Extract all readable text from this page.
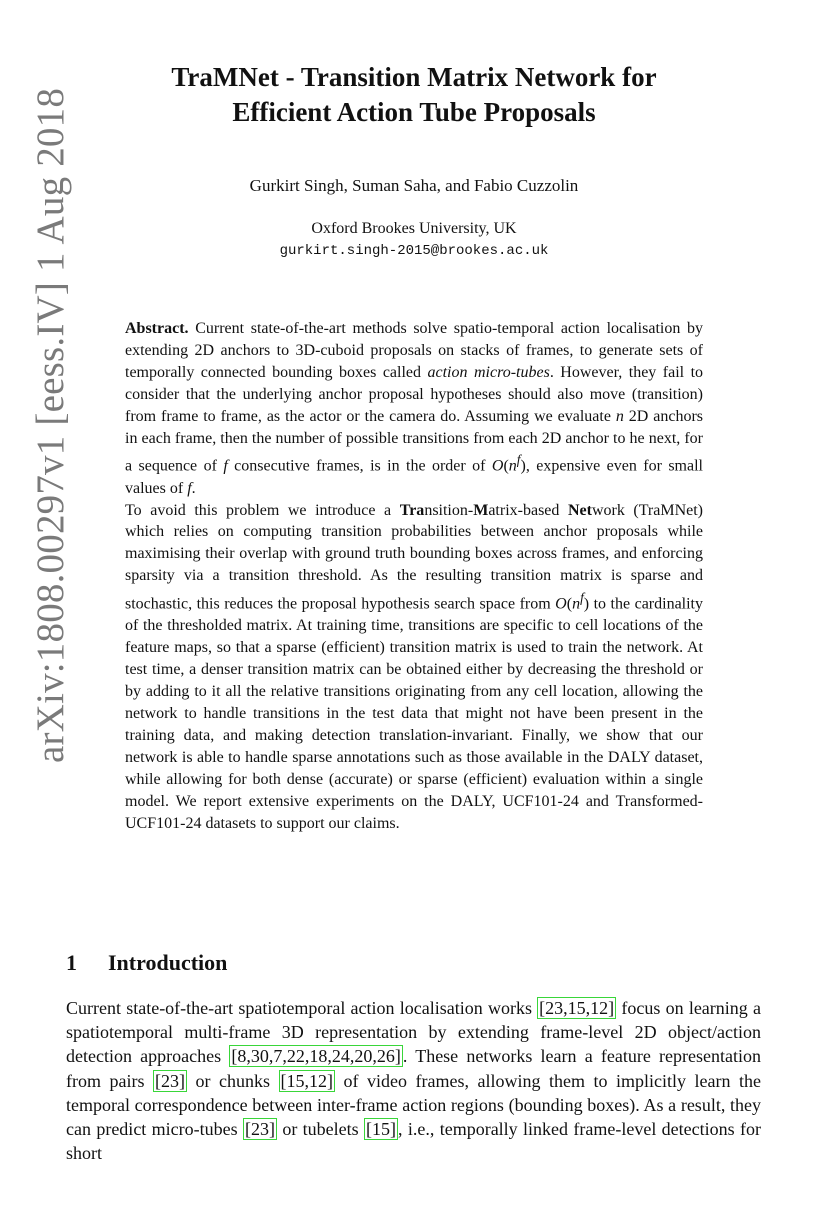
arXiv:1808.00297v1 [eess.IV] 1 Aug 2018
TraMNet - Transition Matrix Network for
Efficient Action Tube Proposals
Gurkirt Singh, Suman Saha, and Fabio Cuzzolin
Oxford Brookes University, UK
gurkirt.singh-2015@brookes.ac.uk

Abstract. Current state-of-the-art methods solve spatio-temporal action localisation by extending 2D anchors to 3D-cuboid proposals on stacks of frames, to generate sets of temporally connected bounding boxes called action micro-tubes. However, they fail to consider that the underlying anchor proposal hypotheses should also move (transition) from frame to frame, as the actor or the camera do. Assuming we evaluate n 2D anchors in each frame, then the number of possible transitions from each 2D anchor to he next, for a sequence of f consecutive frames, is in the order of $O(n^f)$, expensive even for small values of f.

To avoid this problem we introduce a Transition-Matrix-based Network (TraMNet) which relies on computing transition probabilities between anchor proposals while maximising their overlap with ground truth bounding boxes across frames, and enforcing sparsity via a transition threshold. As the resulting transition matrix is sparse and stochastic, this reduces the proposal hypothesis search space from $O(n^f)$ to the cardinality of the thresholded matrix. At training time, transitions are specific to cell locations of the feature maps, so that a sparse (efficient) transition matrix is used to train the network. At test time, a denser transition matrix can be obtained either by decreasing the threshold or by adding to it all the relative transitions originating from any cell location, allowing the network to handle transitions in the test data that might not have been present in the training data, and making detection translation-invariant. Finally, we show that our network is able to handle sparse annotations such as those available in the DALY dataset, while allowing for both dense (accurate) or sparse (efficient) evaluation within a single model. We report extensive experiments on the DALY, UCF101-24 and Transformed-UCF101-24 datasets to support our claims.

1 Introduction

Current state-of-the-art spatiotemporal action localisation works [23,15,12] focus on learning a spatiotemporal multi-frame 3D representation by extending frame-level 2D object/action detection approaches [8,30,7,22,18,24,20,26] . These networks learn a feature representation from pairs [23] or chunks [15,12] of video frames, allowing them to implicitly learn the temporal correspondence between inter-frame action regions (bounding boxes). As a result, they can predict micro-tubes [23] or tubelets [15] , i.e., temporally linked frame-level detections for short
